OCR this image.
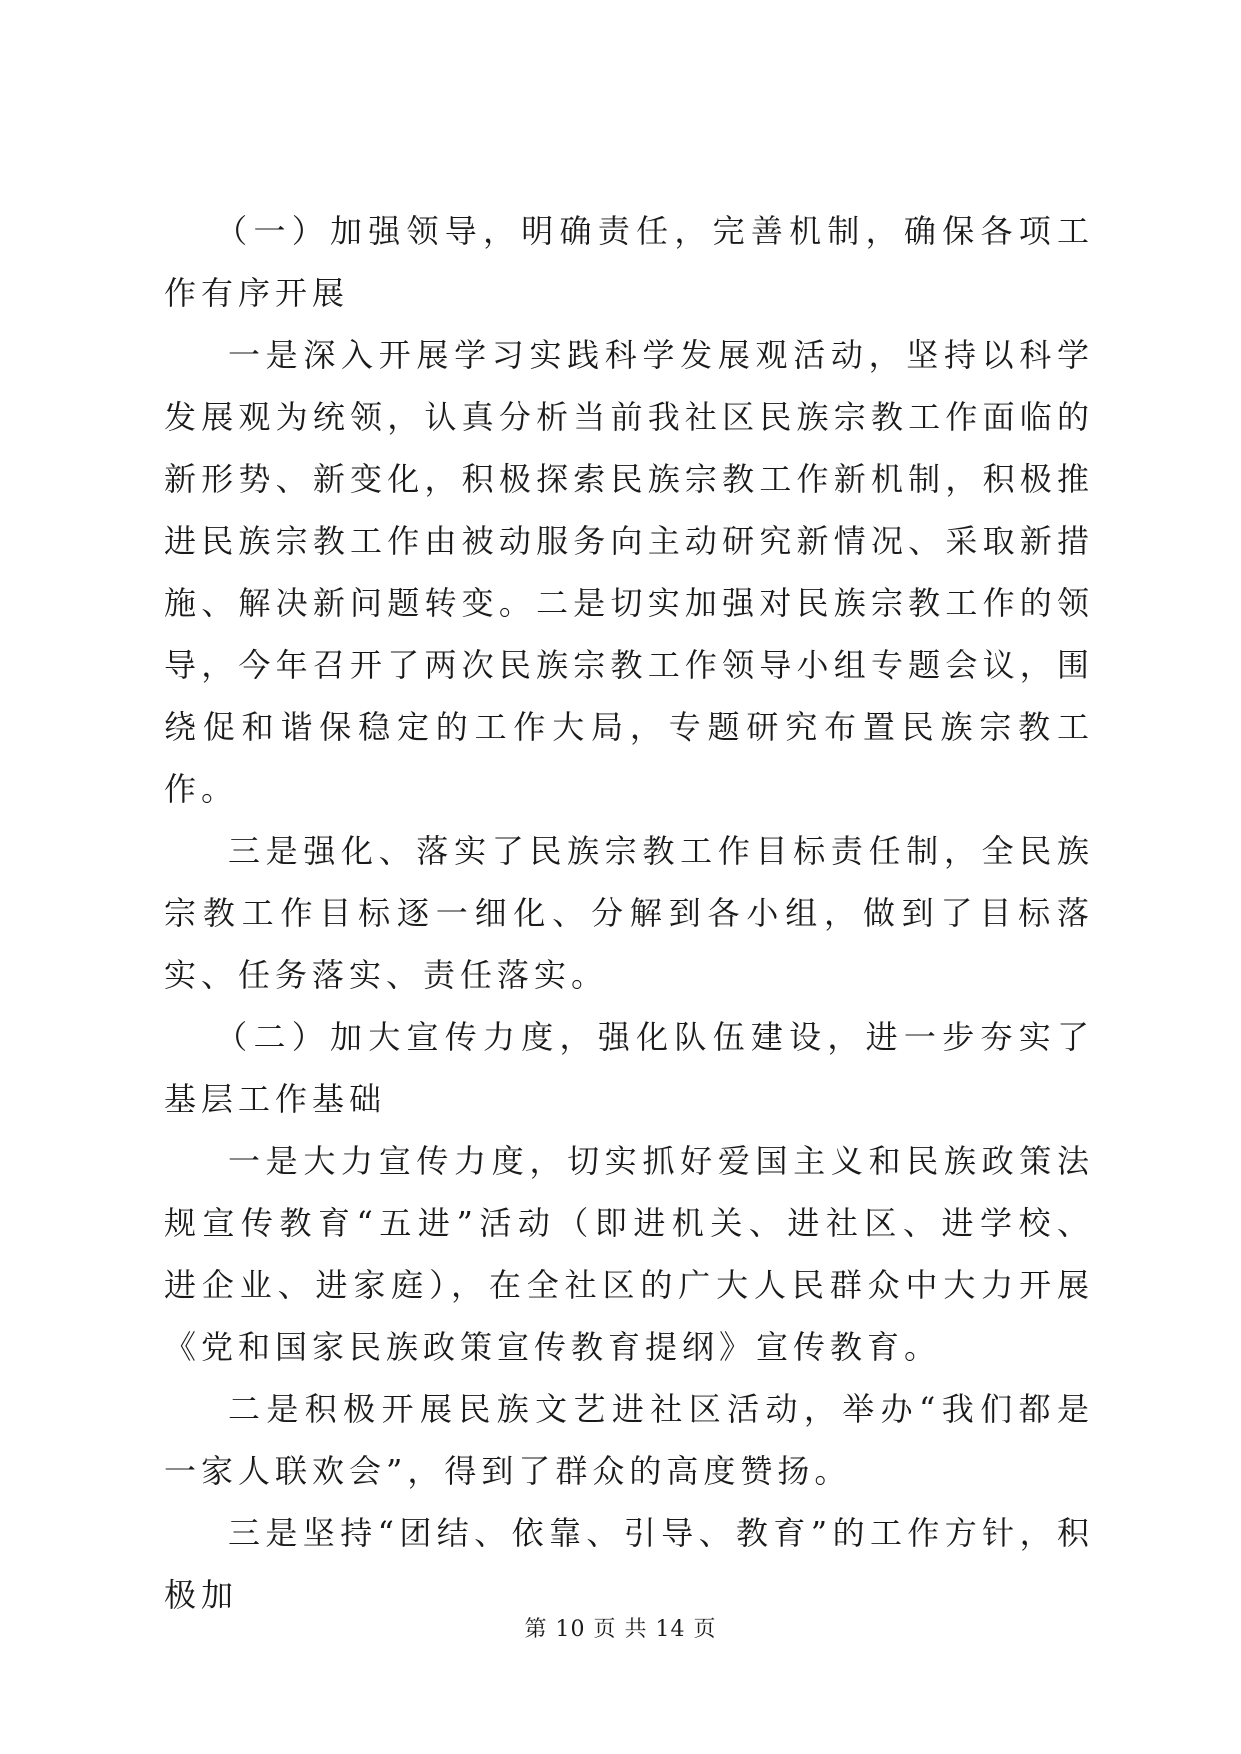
（一）加强领导，明确责任，完善机制，确保各项工作有序开展

一是深入开展学习实践科学发展观活动，坚持以科学发展观为统领，认真分析当前我社区民族宗教工作面临的新形势、新变化，积极探索民族宗教工作新机制，积极推进民族宗教工作由被动服务向主动研究新情况、采取新措施、解决新问题转变。二是切实加强对民族宗教工作的领导，今年召开了两次民族宗教工作领导小组专题会议，围绕促和谐保稳定的工作大局，专题研究布置民族宗教工作。

三是强化、落实了民族宗教工作目标责任制，全民族宗教工作目标逐一细化、分解到各小组，做到了目标落实、任务落实、责任落实。

（二）加大宣传力度，强化队伍建设，进一步夯实了基层工作基础

一是大力宣传力度，切实抓好爱国主义和民族政策法规宣传教育“五进”活动（即进机关、进社区、进学校、进企业、进家庭），在全社区的广大人民群众中大力开展《党和国家民族政策宣传教育提纲》宣传教育。

二是积极开展民族文艺进社区活动，举办“我们都是一家人联欢会”，得到了群众的高度赞扬。

三是坚持“团结、依靠、引导、教育”的工作方针，积极加

第 10 页 共 14 页
